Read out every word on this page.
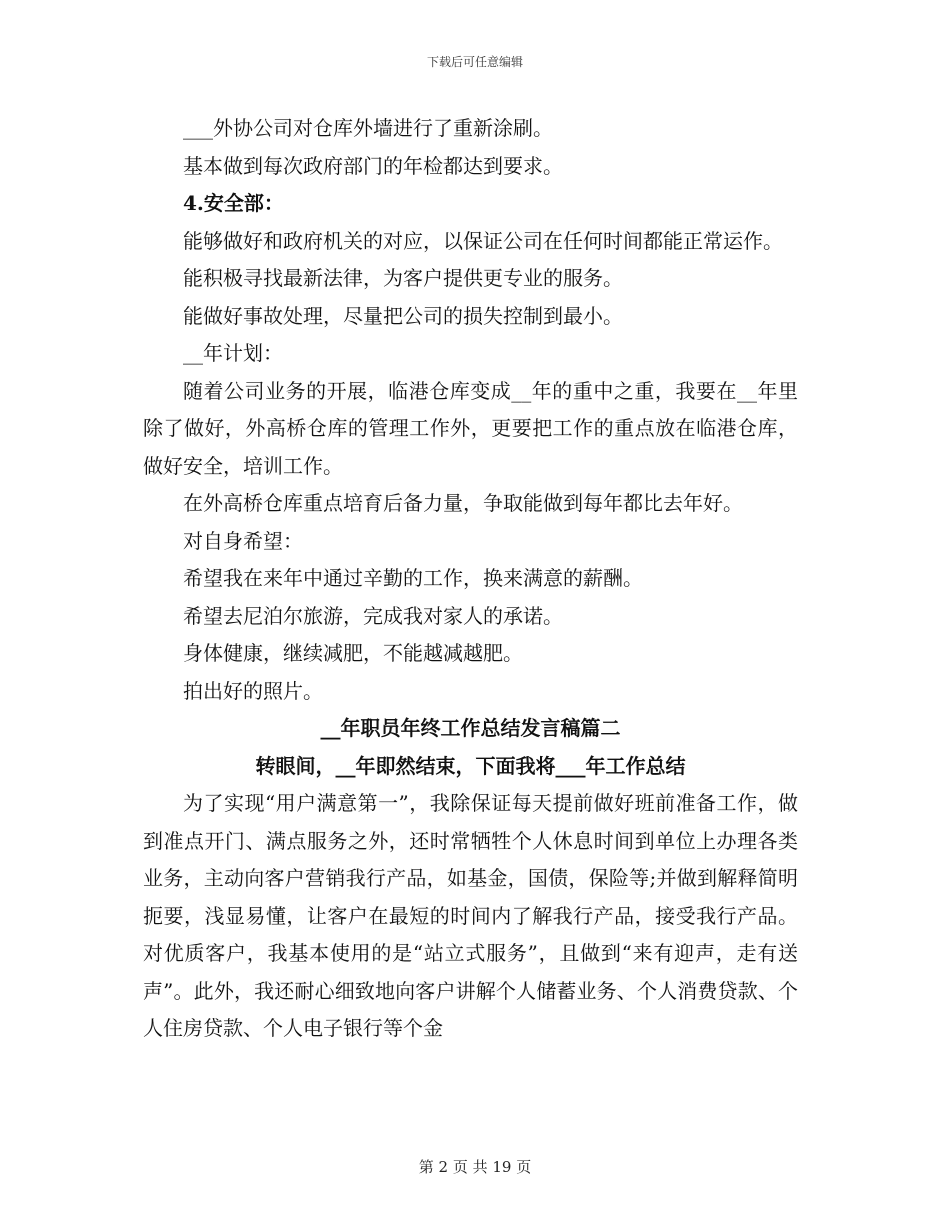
下载后可任意编辑

___外协公司对仓库外墙进行了重新涂刷。

基本做到每次政府部门的年检都达到要求。

4.安全部：

能够做好和政府机关的对应，以保证公司在任何时间都能正常运作。

能积极寻找最新法律，为客户提供更专业的服务。

能做好事故处理，尽量把公司的损失控制到最小。

__年计划：

随着公司业务的开展，临港仓库变成__年的重中之重，我要在__年里除了做好，外高桥仓库的管理工作外，更要把工作的重点放在临港仓库，做好安全，培训工作。

在外高桥仓库重点培育后备力量，争取能做到每年都比去年好。

对自身希望：

希望我在来年中通过辛勤的工作，换来满意的薪酬。

希望去尼泊尔旅游，完成我对家人的承诺。

身体健康，继续减肥，不能越减越肥。

拍出好的照片。

__年职员年终工作总结发言稿篇二

转眼间，__年即然结束，下面我将___年工作总结

为了实现“用户满意第一”，我除保证每天提前做好班前准备工作，做到准点开门、满点服务之外，还时常牺牲个人休息时间到单位上办理各类业务，主动向客户营销我行产品，如基金，国债，保险等;并做到解释简明扼要，浅显易懂，让客户在最短的时间内了解我行产品，接受我行产品。对优质客户，我基本使用的是“站立式服务”，且做到“来有迎声，走有送声”。此外，我还耐心细致地向客户讲解个人储蓄业务、个人消费贷款、个人住房贷款、个人电子银行等个金

第 2 页 共 19 页
